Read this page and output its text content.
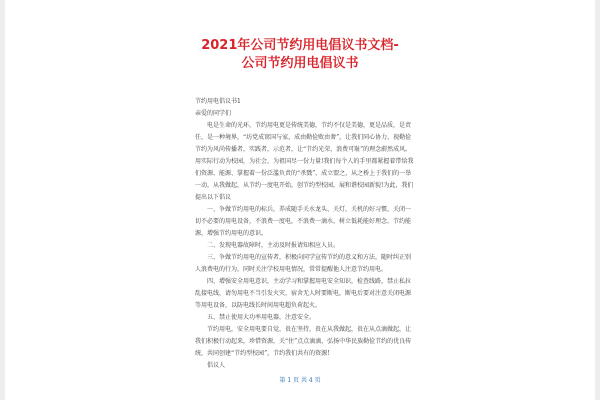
2021年公司节约用电倡议书文档-
公司节约用电倡议书
节约用电倡议书1
亲爱的同学们
电是生命的光环，节约用电更是传统美德，节约不仅是美德，更是品质，是责任，是一种境界，“坊党成窝国与家，成由勤俭败由奢”，让我们同心协力，视勤俭节约为风尚传播者，实践者，示范者，让“节约光荣，浪费可耻”的理念蔚然成风。用实际行动为校园，为社会，为祖国尽一份力量!我们每个人的手里都紧握着带给我们资源、能源、掌握着一份泛滥负责的“杀戮”，成立盟之，从之桥上于我们的一举一动，从我做起，从节约一度电开始，创节约型校园，展和谐校园新貌!为此，我们提出以下倡议
一、争做节约用电的标兵，养成随手关水龙头、关灯，关机的好习惯，关闭一切不必要的用电设备，不浪费一度电，不浪费一滴水，树立低耗能好理念，节约能源，增强节约用电的意识。
二、发现电器故障时，主动及时报请知相应人员。
三、争做节约用电的宣传者，积极向同学宣传节约的意义和方法，随时纠正别人浪费电的行为，同时关注学校用电情况，常常提醒他人注意节约用电。
四、增强安全用电意识，主动学习和掌握用电安全知识，检查线路，禁止私拉乱接电线，请勿用电不当引发火灾，宿舍无人时要断电，断电后要对注意关闭电源等用电设备，以防电线长时间用电超负荷起火。
五、禁止使用大功率用电器，注意安全。
节约用电，安全用电要自觉，贵在坚持，贵在从我做起，贵在从点滴做起，让我们积极行动起来，珍惜资源，关“住”点点滴滴，弘扬中华民族勤俭节约的优良传统，共同创建“节约型校园”，节约我们共有的资源!
倡议人
第 1 页 共 4 页
